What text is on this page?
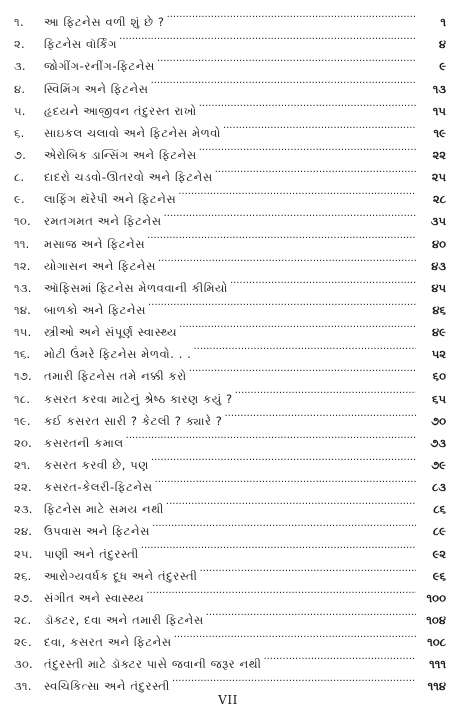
૧.	આ ફિટનેસ વળી શું છે ? . . .	૧
૨.	ફિટનેસ વૉર્કિંગ . . .	૪
૩.	જોગીંગ-રનીંગ-ફિટનેસ . . .	૯
૪.	સ્વિમિંગ અને ફિટનેસ . . .	૧૩
૫.	હૃદયને આજીવન તંદુરસ્ત રાખો . . .	૧૫
૬.	સાઇકલ ચલાવો અને ફિટનેસ મેળવો . . .	૧૯
૭.	એરોબિક ડાન્સિંગ અને ફિટનેસ . . .	૨૨
૮.	દાદરો ચડવો-ઊતરવો અને ફિટનેસ . . .	૨૫
૯.	લાફિંગ થૅરેપી અને ફિટનેસ . . .	૨૮
૧૦.	રમતગમત અને ફિટનેસ . . .	૩૫
૧૧.	મસાજ અને ફિટનેસ . . .	૪૦
૧૨.	યોગાસન અને ફિટનેસ . . .	૪૩
૧૩.	ઑફિસમાં ફિટનેસ મેળવવાની કીમિયો . . .	૪૫
૧૪.	બાળકો અને ફિટનેસ . . .	૪૬
૧૫.	સ્ત્રીઓ અને સંપૂર્ણ સ્વાસ્થ્ય . . .	૪૯
૧૬.	મોટી ઉંમરે ફિટનેસ મેળવો. . . . . .	૫૨
૧૭.	તમારી ફિટનેસ તમે નક્કી કરો . . .	૬૦
૧૮.	કસરત કરવા માટેનું શ્રેષ્ઠ કારણ કયું ? . . .	૬૫
૧૯.	કઈ કસરત સારી ? કેટલી ? ક્યારે ? . . .	૭૦
૨૦.	કસરતની કમાલ . . .	૭૩
૨૧.	કસરત કરવી છે, પણ . . .	૭૯
૨૨.	કસરત-કેલરી-ફિટનેસ . . .	૮૩
૨૩. ફિટનેસ માટે સમય નથી . . .	૮૬
૨૪.	ઉપવાસ અને ફિટનેસ . . .	૮૯
૨૫. પાણી અને તંદુરસ્તી . . .	૯૨
૨૬.	આરોગ્યવર્ધક દૂધ અને તંદુરસ્તી . . .	૯૬
૨૭. સંગીત અને સ્વાસ્થ્ય . . .	૧૦૦
૨૮.	ડૉક્ટર, દવા અને તમારી ફિટનેસ . . .	૧૦૪
૨૯.	દવા, કસરત અને ફિટનેસ . . .	૧૦૮
૩૦. તંદુરસ્તી માટે ડૉક્ટર પાસે જવાની જરૂર નથી . . .	૧૧૧
૩૧.	સ્વચિકિત્સા અને તંદુરસ્તી . . .	૧૧૪
VII
